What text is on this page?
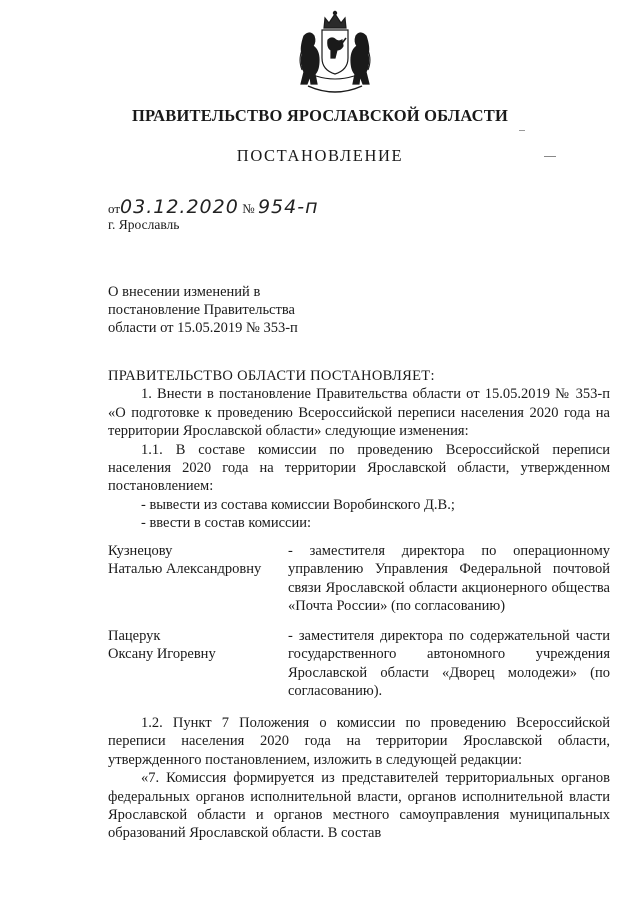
ПРАВИТЕЛЬСТВО ЯРОСЛАВСКОЙ ОБЛАСТИ
ПОСТАНОВЛЕНИЕ
от03.12.2020 № 954-п
г. Ярославль
О внесении изменений в
постановление Правительства
области от 15.05.2019 № 353-п

ПРАВИТЕЛЬСТВО ОБЛАСТИ ПОСТАНОВЛЯЕТ:

1. Внести в постановление Правительства области от 15.05.2019 № 353-п «О подготовке к проведению Всероссийской переписи населения 2020 года на территории Ярославской области» следующие изменения:

1.1. В составе комиссии по проведению Всероссийской переписи населения 2020 года на территории Ярославской области, утвержденном постановлением:

- вывести из состава комиссии Воробинского Д.В.;

- ввести в состав комиссии:

Кузнецову
Наталью Александровну
- заместителя директора по операционному управлению Управления Федеральной почтовой связи Ярославской области акционерного общества «Почта России» (по согласованию)
Пацерук
Оксану Игоревну
- заместителя директора по содержательной части государственного автономного учреждения Ярославской области «Дворец молодежи» (по согласованию).

1.2. Пункт 7 Положения о комиссии по проведению Всероссийской переписи населения 2020 года на территории Ярославской области, утвержденного постановлением, изложить в следующей редакции:

«7. Комиссия формируется из представителей территориальных органов федеральных органов исполнительной власти, органов исполнительной власти Ярославской области и органов местного самоуправления муниципальных образований Ярославской области. В состав
